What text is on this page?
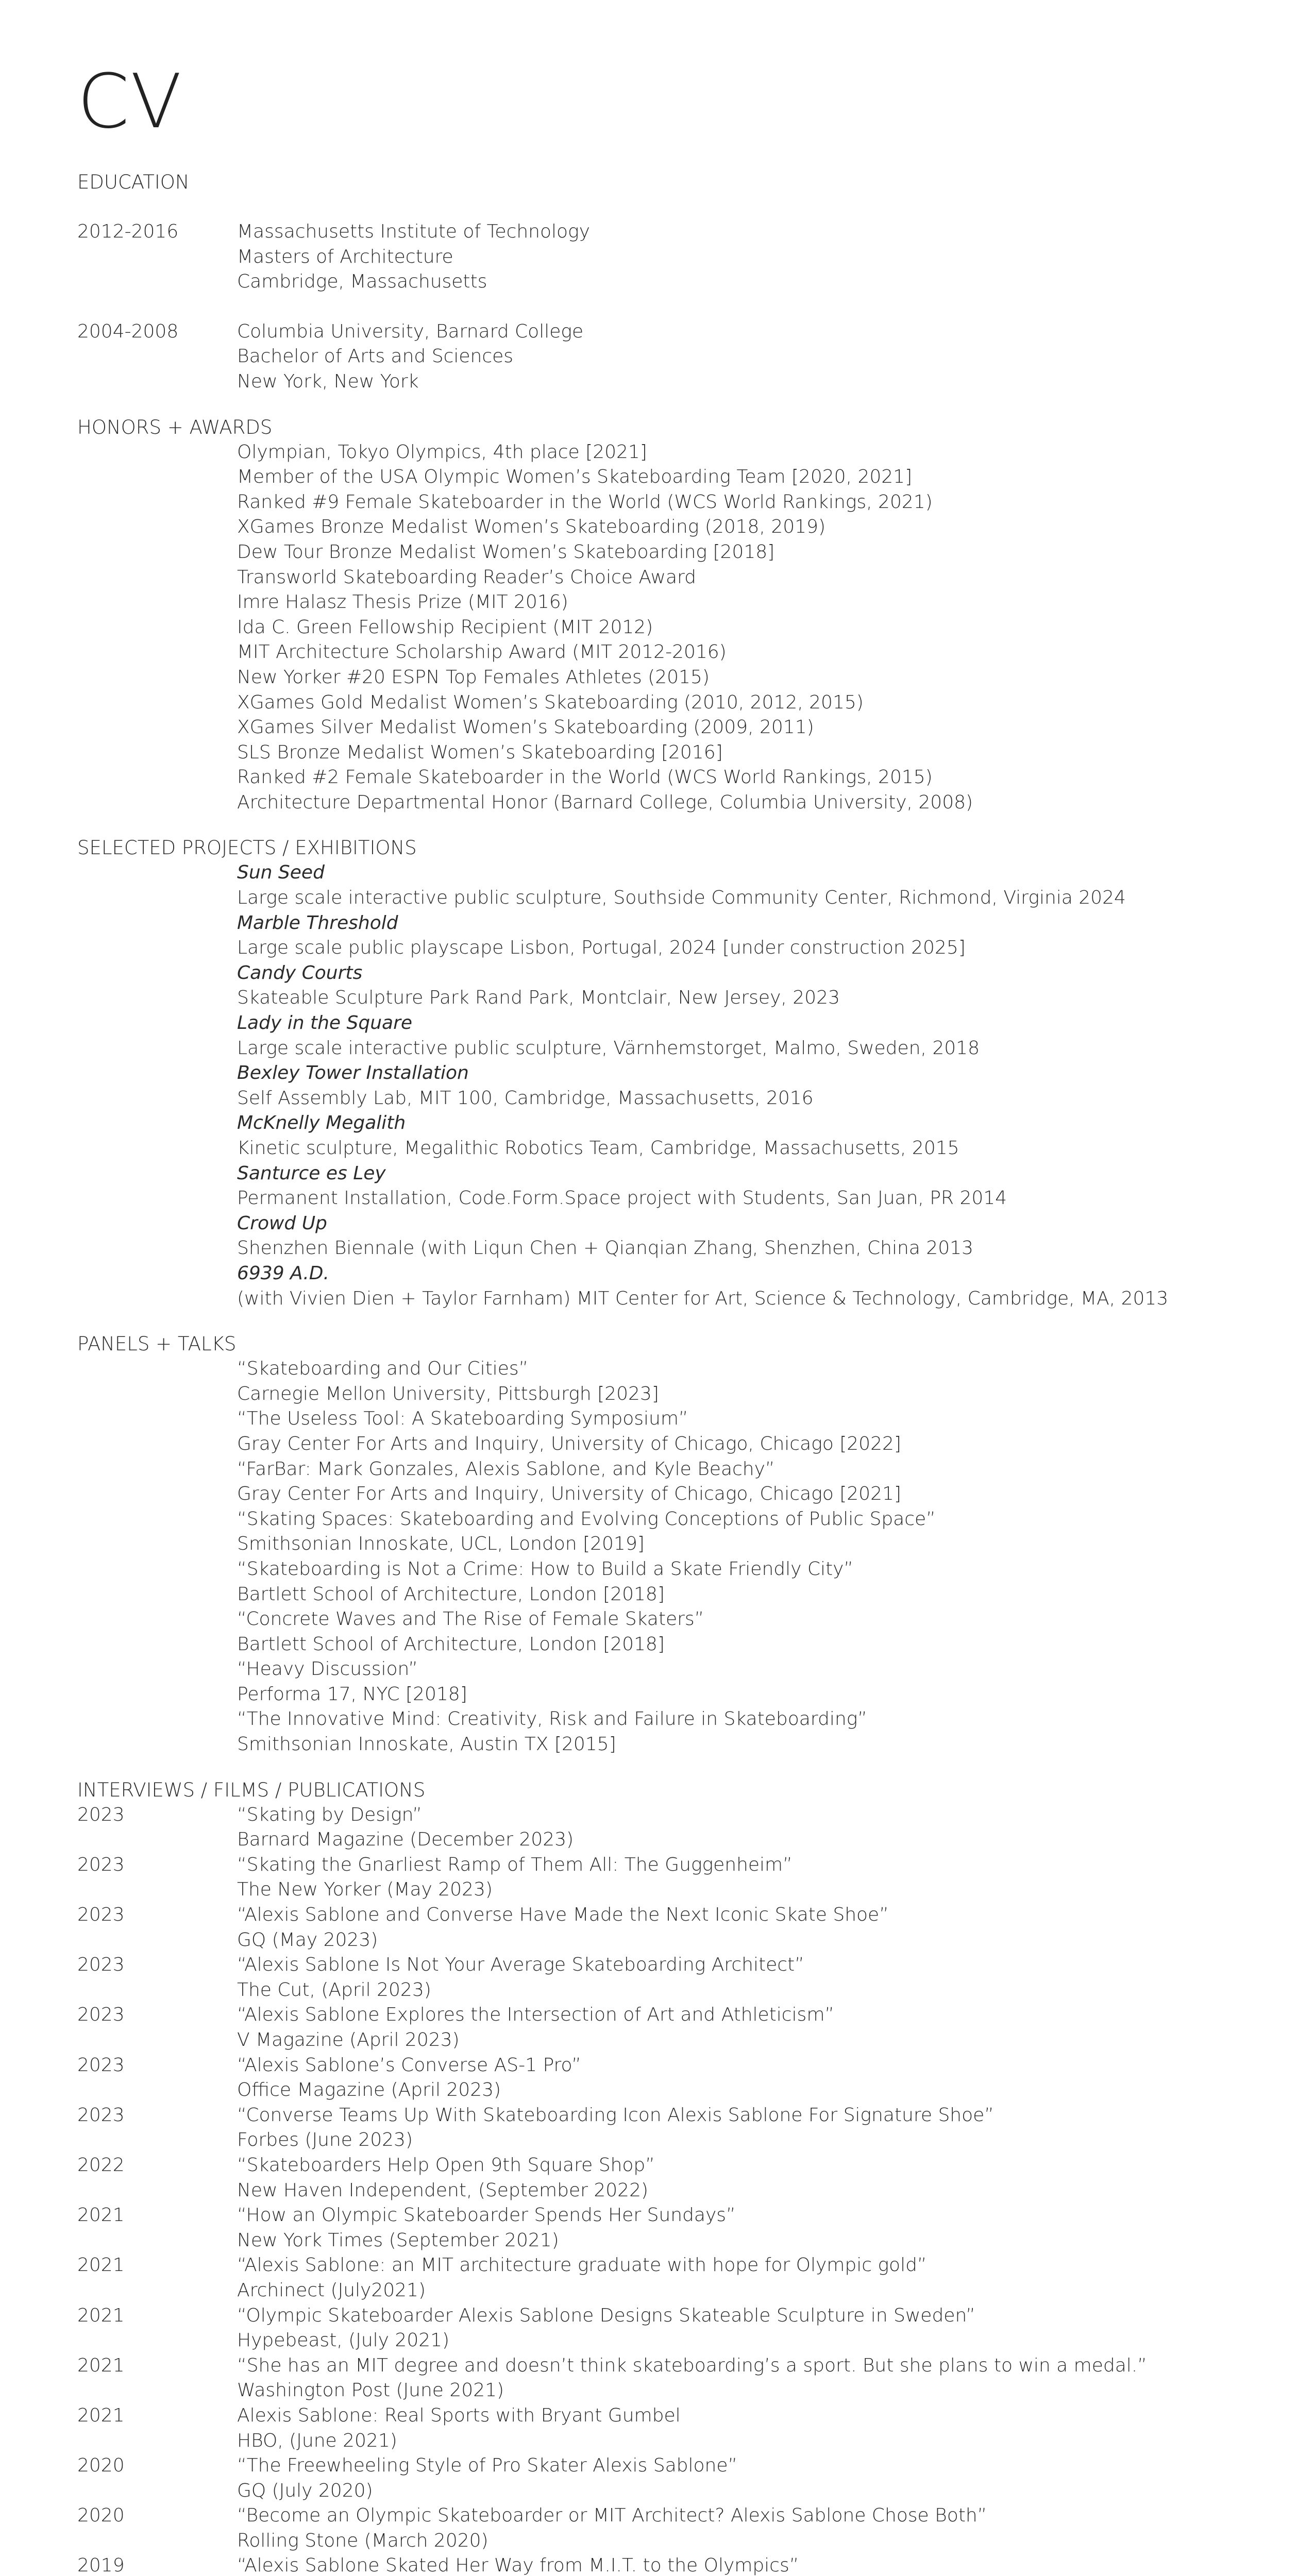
CV
EDUCATION
2012-2016	Massachusetts Institute of Technology
Masters of Architecture
Cambridge, Massachusetts
2004-2008	Columbia University, Barnard College
Bachelor of Arts and Sciences
New York, New York
HONORS + AWARDS
Olympian, Tokyo Olympics, 4th place [2021]
Member of the USA Olympic Women’s Skateboarding Team [2020, 2021]
Ranked #9 Female Skateboarder in the World (WCS World Rankings, 2021)
XGames Bronze Medalist Women’s Skateboarding (2018, 2019)
Dew Tour Bronze Medalist Women’s Skateboarding [2018]
Transworld Skateboarding Reader’s Choice Award
Imre Halasz Thesis Prize (MIT 2016)
Ida C. Green Fellowship Recipient (MIT 2012)
MIT Architecture Scholarship Award (MIT 2012-2016)
New Yorker #20 ESPN Top Females Athletes (2015)
XGames Gold Medalist Women’s Skateboarding (2010, 2012, 2015)
XGames Silver Medalist Women’s Skateboarding (2009, 2011)
SLS Bronze Medalist Women’s Skateboarding [2016]
Ranked #2 Female Skateboarder in the World (WCS World Rankings, 2015)
Architecture Departmental Honor (Barnard College, Columbia University, 2008)
SELECTED PROJECTS / EXHIBITIONS
Sun Seed
Large scale interactive public sculpture, Southside Community Center, Richmond, Virginia 2024
Marble Threshold
Large scale public playscape Lisbon, Portugal, 2024 [under construction 2025]
Candy Courts
Skateable Sculpture Park Rand Park, Montclair, New Jersey, 2023
Lady in the Square
Large scale interactive public sculpture, Värnhemstorget, Malmo, Sweden, 2018
Bexley Tower Installation
Self Assembly Lab, MIT 100, Cambridge, Massachusetts, 2016
McKnelly Megalith
Kinetic sculpture, Megalithic Robotics Team, Cambridge, Massachusetts, 2015
Santurce es Ley
Permanent Installation, Code.Form.Space project with Students, San Juan, PR 2014
Crowd Up
Shenzhen Biennale (with Liqun Chen + Qianqian Zhang, Shenzhen, China 2013
6939 A.D.
(with Vivien Dien + Taylor Farnham) MIT Center for Art, Science & Technology, Cambridge, MA, 2013
PANELS + TALKS
“Skateboarding and Our Cities”
Carnegie Mellon University, Pittsburgh [2023]
“The Useless Tool: A Skateboarding Symposium”
Gray Center For Arts and Inquiry, University of Chicago, Chicago [2022]
“FarBar: Mark Gonzales, Alexis Sablone, and Kyle Beachy”
Gray Center For Arts and Inquiry, University of Chicago, Chicago [2021]
“Skating Spaces: Skateboarding and Evolving Conceptions of Public Space”
Smithsonian Innoskate, UCL, London [2019]
“Skateboarding is Not a Crime: How to Build a Skate Friendly City”
Bartlett School of Architecture, London [2018]
“Concrete Waves and The Rise of Female Skaters”
Bartlett School of Architecture, London [2018]
“Heavy Discussion”
Performa 17, NYC [2018]
“The Innovative Mind: Creativity, Risk and Failure in Skateboarding”
Smithsonian Innoskate, Austin TX [2015]
INTERVIEWS / FILMS / PUBLICATIONS
2023	“Skating by Design”
Barnard Magazine (December 2023)
2023	“Skating the Gnarliest Ramp of Them All: The Guggenheim”
The New Yorker (May 2023)
2023	“Alexis Sablone and Converse Have Made the Next Iconic Skate Shoe”
GQ (May 2023)
2023	“Alexis Sablone Is Not Your Average Skateboarding Architect”
The Cut, (April 2023)
2023	“Alexis Sablone Explores the Intersection of Art and Athleticism”
V Magazine (April 2023)
2023	“Alexis Sablone’s Converse AS-1 Pro”
Office Magazine (April 2023)
2023	“Converse Teams Up With Skateboarding Icon Alexis Sablone For Signature Shoe”
Forbes (June 2023)
2022	“Skateboarders Help Open 9th Square Shop”
New Haven Independent, (September 2022)
2021	“How an Olympic Skateboarder Spends Her Sundays”
New York Times (September 2021)
2021	“Alexis Sablone: an MIT architecture graduate with hope for Olympic gold”
Archinect (July2021)
2021	“Olympic Skateboarder Alexis Sablone Designs Skateable Sculpture in Sweden”
Hypebeast, (July 2021)
2021	“She has an MIT degree and doesn’t think skateboarding’s a sport. But she plans to win a medal.”
Washington Post (June 2021)
2021	Alexis Sablone: Real Sports with Bryant Gumbel
HBO, (June 2021)
2020	“The Freewheeling Style of Pro Skater Alexis Sablone”
GQ (July 2020)
2020	“Become an Olympic Skateboarder or MIT Architect? Alexis Sablone Chose Both”
Rolling Stone (March 2020)
2019	“Alexis Sablone Skated Her Way from M.I.T. to the Olympics”
